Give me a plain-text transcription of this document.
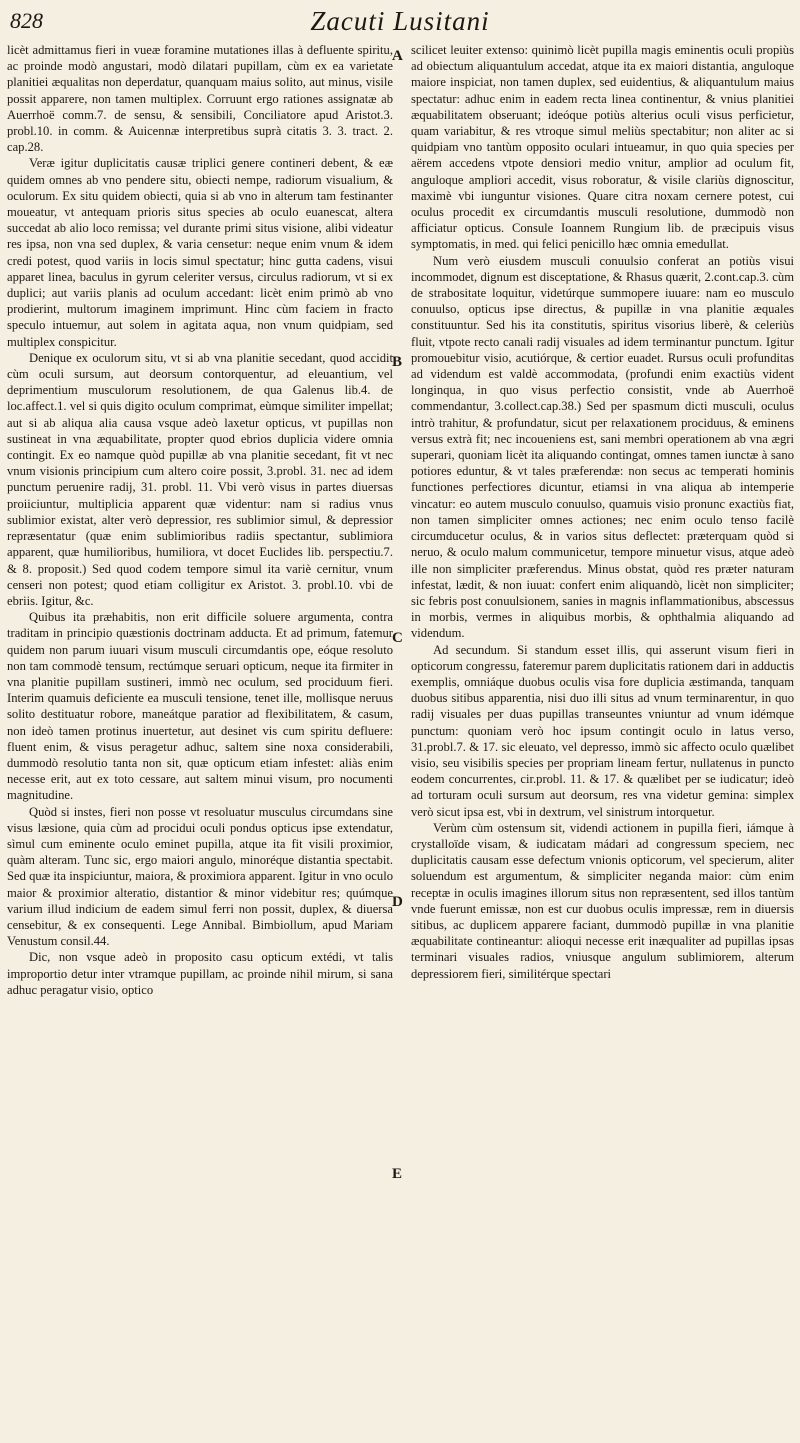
828	Zacuti Lusitani

licèt admittamus fieri in vueæ foramine mutationes illas à defluente spiritu, ac proinde modò angustari, modò dilatari pupillam, cùm ex ea varietate planitiei æqualitas non deperdatur, quanquam maius solito, aut minus, visile possit apparere, non tamen multiplex. Corruunt ergo rationes assignatæ ab Auerrhoë comm.7. de sensu, & sensibili, Conciliatore apud Aristot.3. probl.10. in comm. & Auicennæ interpretibus suprà citatis 3. 3. tract. 2. cap.28.

Veræ igitur duplicitatis causæ triplici genere contineri debent, & eæ quidem omnes ab vno pendere situ, obiecti nempe, radiorum visualium, & oculorum. Ex situ quidem obiecti, quia si ab vno in alterum tam festinanter moueatur, vt antequam prioris situs species ab oculo euanescat, altera succedat ab alio loco remissa; vel durante primi situs visione, alibi videatur res ipsa, non vna sed duplex, & varia censetur: neque enim vnum & idem credi potest, quod variis in locis simul spectatur; hinc gutta cadens, visui apparet linea, baculus in gyrum celeriter versus, circulus radiorum, vt si ex duplici; aut variis planis ad oculum accedant: licèt enim primò ab vno prodierint, multorum imaginem imprimunt. Hinc cùm faciem in fracto speculo intuemur, aut solem in agitata aqua, non vnum quidpiam, sed multiplex conspicitur.

Denique ex oculorum situ, vt si ab vna planitie secedant, quod accidit cùm oculi sursum, aut deorsum contorquentur, ad eleuantium, vel deprimentium musculorum resolutionem, de qua Galenus lib.4. de loc.affect.1. vel si quis digito oculum comprimat, eùmque similiter impellat; aut si ab aliqua alia causa vsque adeò laxetur opticus, vt pupillas non sustineat in vna æquabilitate, propter quod ebrios duplicia videre omnia contingit. Ex eo namque quòd pupillæ ab vna planitie secedant, fit vt nec vnum visionis principium cum altero coire possit, 3.probl. 31. nec ad idem punctum peruenire radij, 31. probl. 11. Vbi verò visus in partes diuersas proiiciuntur, multiplicia apparent quæ videntur: nam si radius vnus sublimior existat, alter verò depressior, res sublimior simul, & depressior repræsentatur (quæ enim sublimioribus radiis spectantur, sublimiora apparent, quæ humilioribus, humiliora, vt docet Euclides lib. perspectiu.7. & 8. proposit.) Sed quod codem tempore simul ita variè cernitur, vnum censeri non potest; quod etiam colligitur ex Aristot. 3. probl.10. vbi de ebriis. Igitur, &c.

Quibus ita præhabitis, non erit difficile soluere argumenta, contra traditam in principio quæstionis doctrinam adducta. Et ad primum, fatemur quidem non parum iuuari visum musculi circumdantis ope, eóque resoluto non tam commodè tensum, rectúmque seruari opticum, neque ita firmiter in vna planitie pupillam sustineri, immò nec oculum, sed prociduum fieri. Interim quamuis deficiente ea musculi tensione, tenet ille, mollisque neruus solito destituatur robore, maneátque paratior ad flexibilitatem, & casum, non ideò tamen protinus inuertetur, aut desinet vis cum spiritu defluere: fluent enim, & visus peragetur adhuc, saltem sine noxa considerabili, dummodò resolutio tanta non sit, quæ opticum etiam infestet: aliàs enim necesse erit, aut ex toto cessare, aut saltem minui visum, pro nocumenti magnitudine.

Quòd si instes, fieri non posse vt resoluatur musculus circumdans sine visus læsione, quia cùm ad procidui oculi pondus opticus ipse extendatur, sìmul cum eminente oculo eminet pupilla, atque ita fit visili proximior, quàm alteram. Tunc sic, ergo maiori angulo, minoréque distantia spectabit. Sed quæ ita inspiciuntur, maiora, & proximiora apparent. Igitur in vno oculo maior & proximior alteratio, distantior & minor videbitur res; quúmque varium illud indicium de eadem simul ferri non possit, duplex, & diuersa censebitur, & ex consequenti. Lege Annibal. Bimbiollum, apud Mariam Venustum consil.44.

Dic, non vsque adeò in proposito casu opticum extédi, vt talis improportio detur inter vtramque pupillam, ac proinde nihil mirum, si sana adhuc peragatur visio, optico

A
B
C
D
E

scilicet leuiter extenso: quinimò licèt pupilla magis eminentis oculi propiùs ad obiectum aliquantulum accedat, atque ita ex maiori distantia, anguloque maiore inspiciat, non tamen duplex, sed euidentius, & aliquantulum maius spectatur: adhuc enim in eadem recta linea continentur, & vnius planitiei æquabilitatem obseruant; ideóque potiùs alterius oculi visus perficietur, quam variabitur, & res vtroque simul meliùs spectabitur; non aliter ac si quidpiam vno tantùm opposito oculari intueamur, in quo quia species per aërem accedens vtpote densiori medio vnitur, amplior ad oculum fit, anguloque ampliori accedit, visus roboratur, & visile clariùs dignoscitur, maximè vbi iunguntur visiones. Quare citra noxam cernere potest, cui oculus procedit ex circumdantis musculi resolutione, dummodò non afficiatur opticus. Consule Ioannem Rungium lib. de præcipuis visus symptomatis, in med. qui felici penicillo hæc omnia emedullat.

Num verò eiusdem musculi conuulsio conferat an potiùs visui incommodet, dignum est disceptatione, & Rhasus quærit, 2.cont.cap.3. cùm de strabositate loquitur, videtúrque summopere iuuare: nam eo musculo conuulso, opticus ipse directus, & pupillæ in vna planitie æquales constituuntur. Sed his ita constitutis, spiritus visorius liberè, & celeriùs fluit, vtpote recto canali radij visuales ad idem terminantur punctum. Igitur promouebitur visio, acutiórque, & certior euadet. Rursus oculi profunditas ad videndum est valdè accommodata, (profundi enim exactiùs vident longinqua, in quo visus perfectio consistit, vnde ab Auerrhoë commendantur, 3.collect.cap.38.) Sed per spasmum dicti musculi, oculus intrò trahitur, & profundatur, sicut per relaxationem prociduus, & eminens versus extrà fit; nec incoueniens est, sani membri operationem ab vna ægri superari, quoniam licèt ita aliquando contingat, omnes tamen iunctæ à sano potiores eduntur, & vt tales præferendæ: non secus ac temperati hominis functiones perfectiores dicuntur, etiamsi in vna aliqua ab intemperie vincatur: eo autem musculo conuulso, quamuis visio pronunc exactiùs fiat, non tamen simpliciter omnes actiones; nec enim oculo tenso facilè circumducetur oculus, & in varios situs deflectet: præterquam quòd si neruo, & oculo malum communicetur, tempore minuetur visus, atque adeò ille non simpliciter præferendus. Minus obstat, quòd res præter naturam infestat, lædit, & non iuuat: confert enim aliquandò, licèt non simpliciter; sic febris post conuulsionem, sanies in magnis inflammationibus, abscessus in morbis, vermes in aliquibus morbis, & ophthalmia aliquando ad videndum.

Ad secundum. Si standum esset illis, qui asserunt visum fieri in opticorum congressu, fateremur parem duplicitatis rationem dari in adductis exemplis, omniáque duobus oculis visa fore duplicia æstimanda, tanquam duobus sitibus apparentia, nisi duo illi situs ad vnum terminarentur, in quo radij visuales per duas pupillas transeuntes vniuntur ad vnum idémque punctum: quoniam verò hoc ipsum contingit oculo in latus verso, 31.probl.7. & 17. sic eleuato, vel depresso, immò sic affecto oculo quælibet visio, seu visibilis species per propriam lineam fertur, nullatenus in puncto eodem concurrentes, cir.probl. 11. & 17. & quælibet per se iudicatur; ideò ad torturam oculi sursum aut deorsum, res vna videtur gemina: simplex verò sicut ipsa est, vbi in dextrum, vel sinistrum intorquetur.

Verùm cùm ostensum sit, videndi actionem in pupilla fieri, iámque à crystalloïde visam, & iudicatam mádari ad congressum speciem, nec duplicitatis causam esse defectum vnionis opticorum, vel specierum, aliter soluendum est argumentum, & simpliciter neganda maior: cùm enim receptæ in oculis imagines illorum situs non repræsentent, sed illos tantùm vnde fuerunt emissæ, non est cur duobus oculis impressæ, rem in diuersis sitibus, ac duplicem apparere faciant, dummodò pupillæ in vna planitie æquabilitate contineantur: alioqui necesse erit inæqualiter ad pupillas ipsas terminari visuales radios, vniusque angulum sublimiorem, alterum depressiorem fieri, similitérque spectari
